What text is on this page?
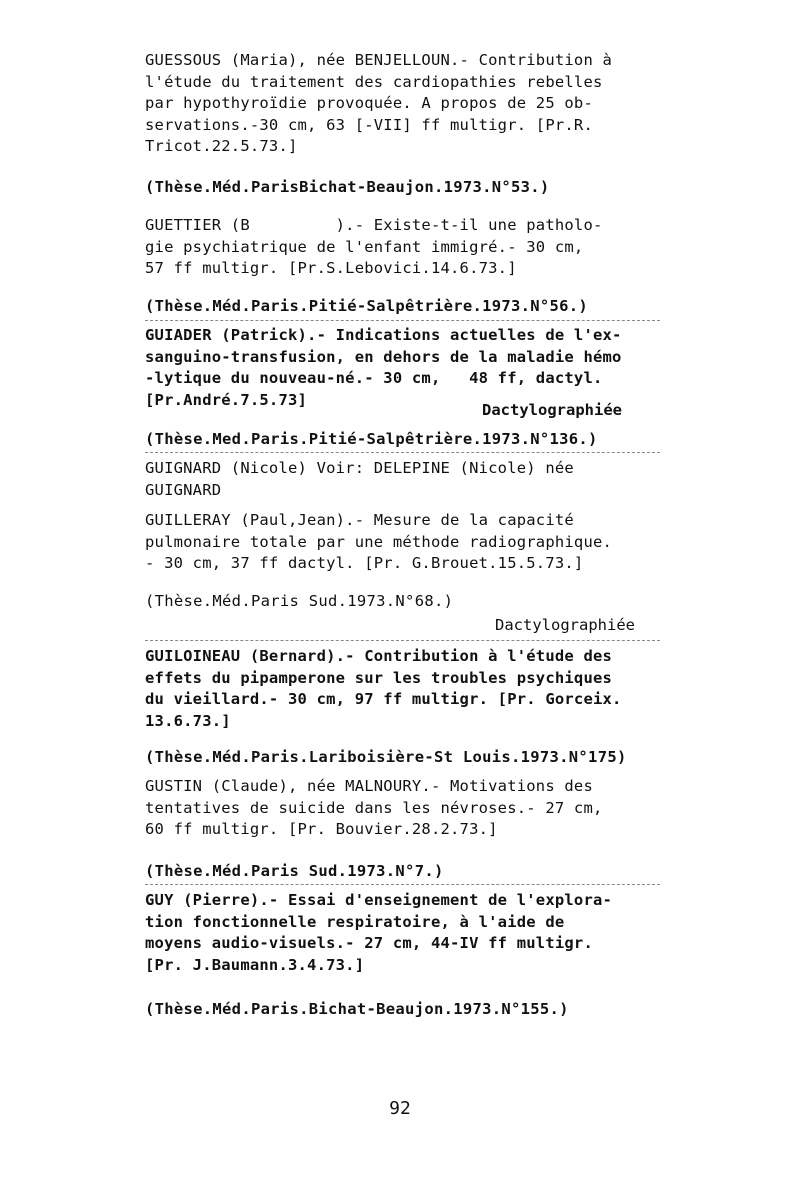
GUESSOUS (Maria), née BENJELLOUN.- Contribution à
l'étude du traitement des cardiopathies rebelles
par hypothyroïdie provoquée. A propos de 25 ob-
servations.-30 cm, 63 [-VII] ff multigr. [Pr.R.
Tricot.22.5.73.]
(Thèse.Méd.ParisBichat-Beaujon.1973.N°53.)
GUETTIER (B         ).- Existe-t-il une patholo-
gie psychiatrique de l'enfant immigré.- 30 cm,
57 ff multigr. [Pr.S.Lebovici.14.6.73.]
(Thèse.Méd.Paris.Pitié-Salpêtrière.1973.N°56.)
GUIADER (Patrick).- Indications actuelles de l'ex-
sanguino-transfusion, en dehors de la maladie hémo
-lytique du nouveau-né.- 30 cm,   48 ff, dactyl.
[Pr.André.7.5.73]
Dactylographiée
(Thèse.Med.Paris.Pitié-Salpêtrière.1973.N°136.)
GUIGNARD (Nicole) Voir: DELEPINE (Nicole) née
GUIGNARD
GUILLERAY (Paul,Jean).- Mesure de la capacité
pulmonaire totale par une méthode radiographique.
- 30 cm, 37 ff dactyl. [Pr. G.Brouet.15.5.73.]
(Thèse.Méd.Paris Sud.1973.N°68.)
Dactylographiée
GUILOINEAU (Bernard).- Contribution à l'étude des
effets du pipamperone sur les troubles psychiques
du vieillard.- 30 cm, 97 ff multigr. [Pr. Gorceix.
13.6.73.]
(Thèse.Méd.Paris.Lariboisière-St Louis.1973.N°175)
GUSTIN (Claude), née MALNOURY.- Motivations des
tentatives de suicide dans les névroses.- 27 cm,
60 ff multigr. [Pr. Bouvier.28.2.73.]
(Thèse.Méd.Paris Sud.1973.N°7.)
GUY (Pierre).- Essai d'enseignement de l'explora-
tion fonctionnelle respiratoire, à l'aide de
moyens audio-visuels.- 27 cm, 44-IV ff multigr.
[Pr. J.Baumann.3.4.73.]
(Thèse.Méd.Paris.Bichat-Beaujon.1973.N°155.)
92
